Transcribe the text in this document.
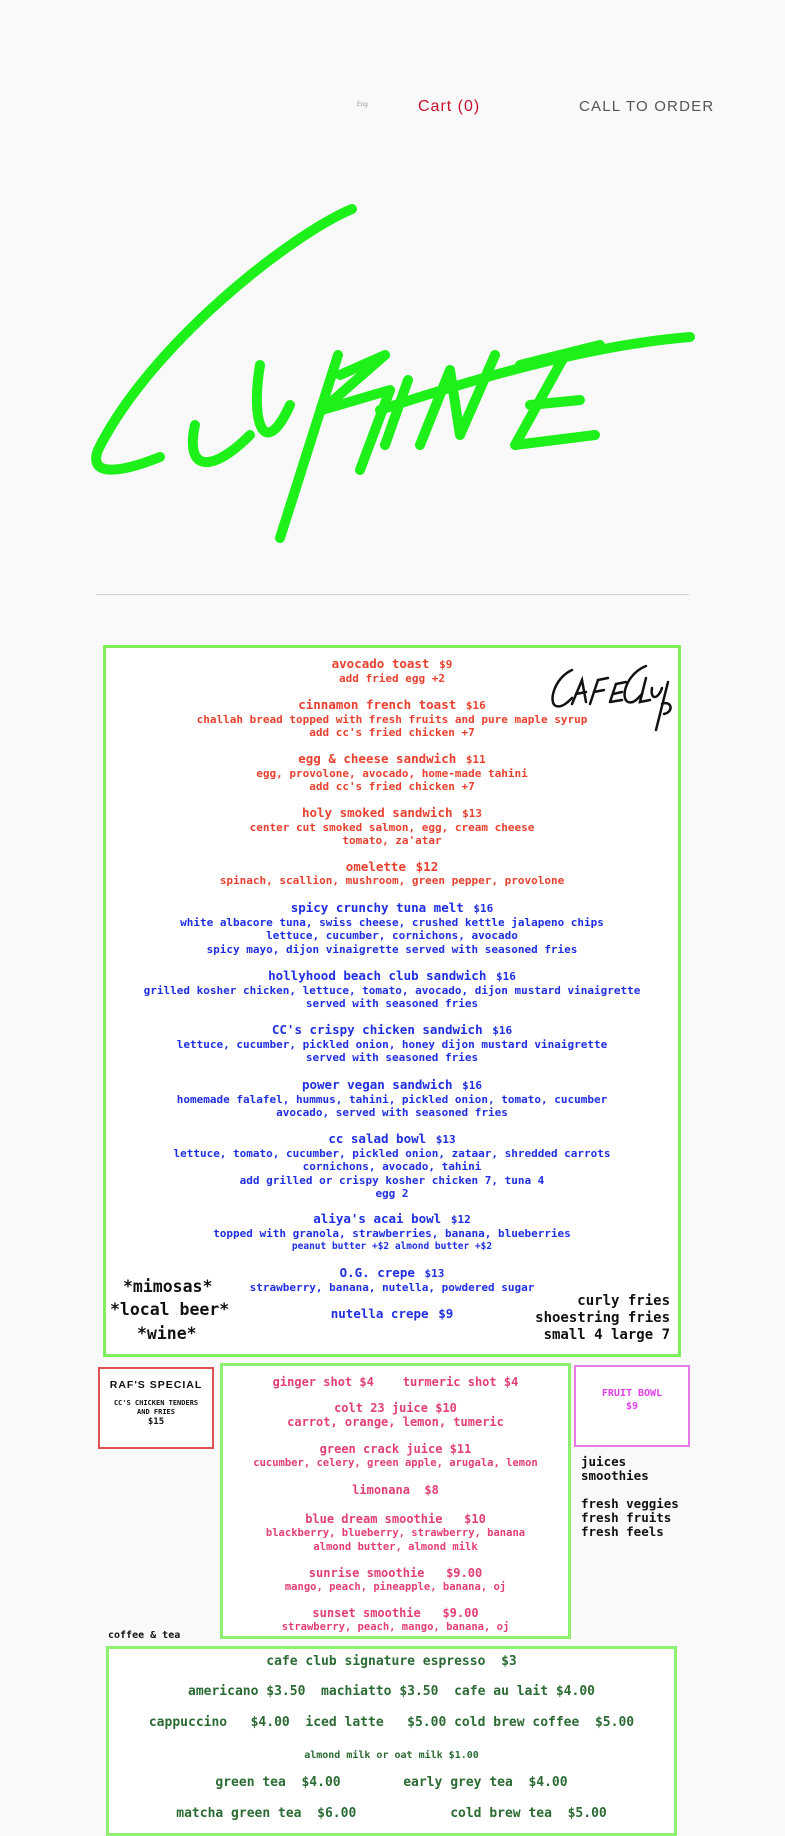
Eng	Cart (0)	CALL TO ORDER
avocado toast $9
add fried egg +2
cinnamon french toast $16
challah bread topped with fresh fruits and pure maple syrup
add cc's fried chicken +7
egg & cheese sandwich $11
egg, provolone, avocado, home-made tahini
add cc's fried chicken +7
holy smoked sandwich $13
center cut smoked salmon, egg, cream cheese
tomato, za'atar
omelette $12
spinach, scallion, mushroom, green pepper, provolone
spicy crunchy tuna melt $16
white albacore tuna, swiss cheese, crushed kettle jalapeno chips
lettuce, cucumber, cornichons, avocado
spicy mayo, dijon vinaigrette served with seasoned fries
hollyhood beach club sandwich $16
grilled kosher chicken, lettuce, tomato, avocado, dijon mustard vinaigrette
served with seasoned fries
CC's crispy chicken sandwich $16
lettuce, cucumber, pickled onion, honey dijon mustard vinaigrette
served with seasoned fries
power vegan sandwich $16
homemade falafel, hummus, tahini, pickled onion, tomato, cucumber
avocado, served with seasoned fries
cc salad bowl $13
lettuce, tomato, cucumber, pickled onion, zataar, shredded carrots
cornichons, avocado, tahini
add grilled or crispy kosher chicken 7, tuna 4
egg 2
aliya's acai bowl $12
topped with granola, strawberries, banana, blueberries
peanut butter +$2 almond butter +$2
O.G. crepe $13
strawberry, banana, nutella, powdered sugar
nutella crepe $9
*mimosas*
*local beer*
*wine*
curly fries
shoestring fries
small 4 large 7
RAF'S SPECIAL
CC'S CHICKEN TENDERS
AND FRIES
$15
ginger shot $4    turmeric shot $4
colt 23 juice $10
carrot, orange, lemon, tumeric
green crack juice $11
cucumber, celery, green apple, arugala, lemon
limonana  $8
blue dream smoothie   $10
blackberry, blueberry, strawberry, banana
almond butter, almond milk
sunrise smoothie   $9.00
mango, peach, pineapple, banana, oj
sunset smoothie   $9.00
strawberry, peach, mango, banana, oj
FRUIT BOWL
$9
juices
smoothies
fresh veggies
fresh fruits
fresh feels
coffee & tea
cafe club signature espresso  $3
americano $3.50  machiatto $3.50  cafe au lait $4.00
cappuccino   $4.00  iced latte   $5.00 cold brew coffee  $5.00
almond milk or oat milk $1.00
green tea  $4.00        early grey tea  $4.00
matcha green tea  $6.00            cold brew tea  $5.00
